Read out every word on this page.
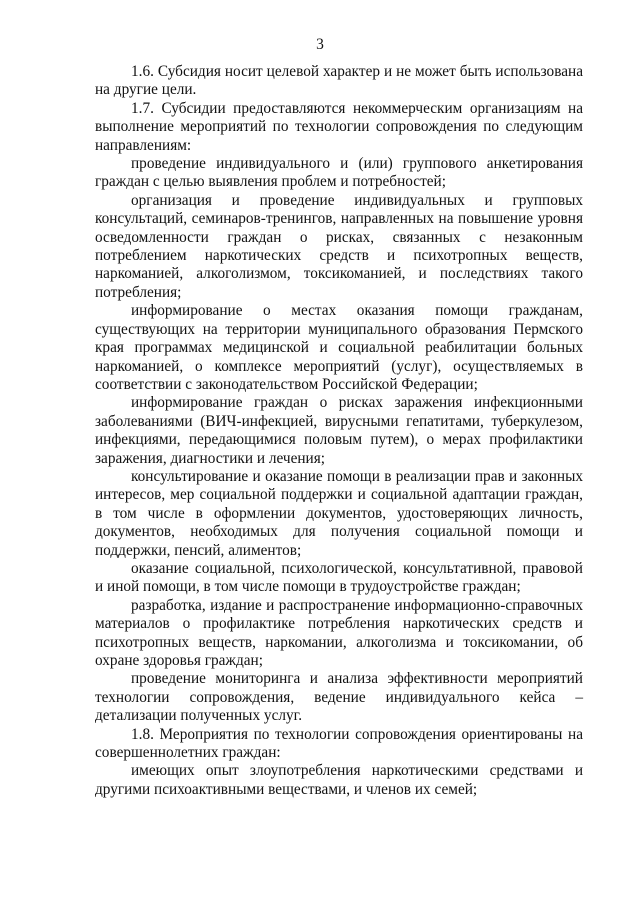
3

1.6. Субсидия носит целевой характер и не может быть использована на другие цели.

1.7. Субсидии предоставляются некоммерческим организациям на выполнение мероприятий по технологии сопровождения по следующим направлениям:

проведение индивидуального и (или) группового анкетирования граждан с целью выявления проблем и потребностей;

организация и проведение индивидуальных и групповых консультаций, семинаров-тренингов, направленных на повышение уровня осведомленности граждан о рисках, связанных с незаконным потреблением наркотических средств и психотропных веществ, наркоманией, алкоголизмом, токсикоманией, и последствиях такого потребления;

информирование о местах оказания помощи гражданам, существующих на территории муниципального образования Пермского края программах медицинской и социальной реабилитации больных наркоманией, о комплексе мероприятий (услуг), осуществляемых в соответствии с законодательством Российской Федерации;

информирование граждан о рисках заражения инфекционными заболеваниями (ВИЧ-инфекцией, вирусными гепатитами, туберкулезом, инфекциями, передающимися половым путем), о мерах профилактики заражения, диагностики и лечения;

консультирование и оказание помощи в реализации прав и законных интересов, мер социальной поддержки и социальной адаптации граждан, в том числе в оформлении документов, удостоверяющих личность, документов, необходимых для получения социальной помощи и поддержки, пенсий, алиментов;

оказание социальной, психологической, консультативной, правовой и иной помощи, в том числе помощи в трудоустройстве граждан;

разработка, издание и распространение информационно-справочных материалов о профилактике потребления наркотических средств и психотропных веществ, наркомании, алкоголизма и токсикомании, об охране здоровья граждан;

проведение мониторинга и анализа эффективности мероприятий технологии сопровождения, ведение индивидуального кейса – детализации полученных услуг.

1.8. Мероприятия по технологии сопровождения ориентированы на совершеннолетних граждан:

имеющих опыт злоупотребления наркотическими средствами и другими психоактивными веществами, и членов их семей;
